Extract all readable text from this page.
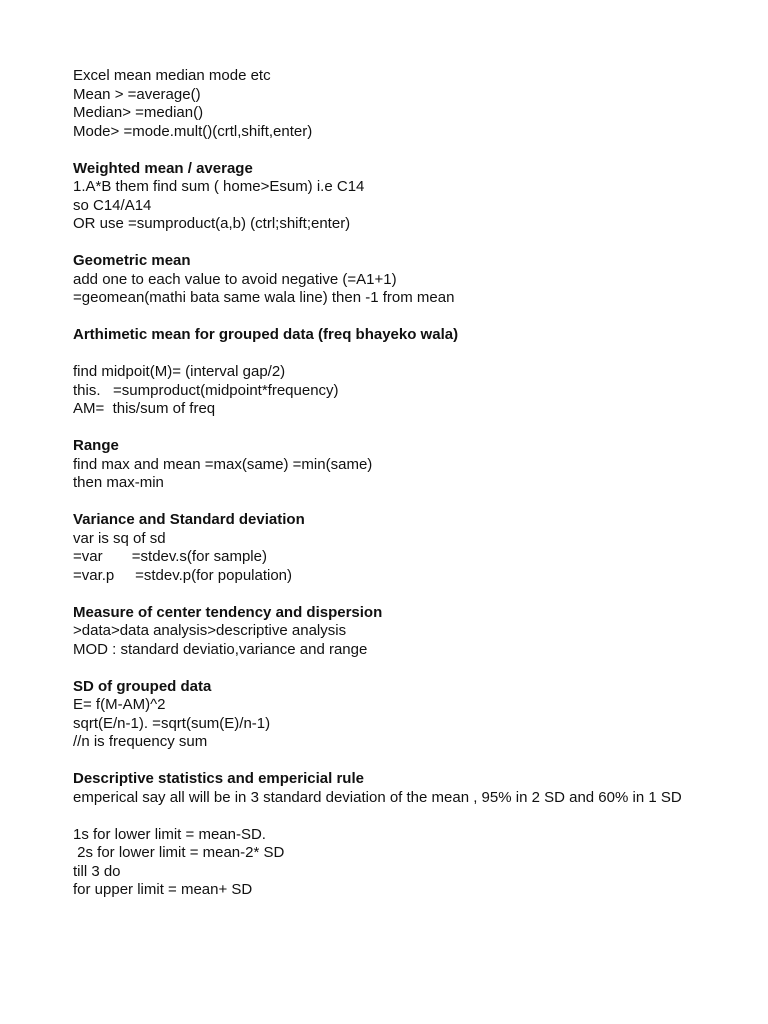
Excel mean median mode etc
Mean > =average()
Median> =median()
Mode> =mode.mult()(crtl,shift,enter)
Weighted mean / average
1.A*B them find sum ( home>Esum) i.e C14
so C14/A14
OR use =sumproduct(a,b) (ctrl;shift;enter)
Geometric mean
add one to each value to avoid negative (=A1+1)
=geomean(mathi bata same wala line) then -1 from mean
Arthimetic mean for grouped data (freq bhayeko wala)
find midpoit(M)= (interval gap/2)
this.   =sumproduct(midpoint*frequency)
AM=  this/sum of freq
Range
find max and mean =max(same) =min(same)
then max-min
Variance and Standard deviation
var is sq of sd
=var       =stdev.s(for sample)
=var.p     =stdev.p(for population)
Measure of center tendency and dispersion
>data>data analysis>descriptive analysis
MOD : standard deviatio,variance and range
SD of grouped data
E= f(M-AM)^2
sqrt(E/n-1). =sqrt(sum(E)/n-1)
//n is frequency sum
Descriptive statistics and empericial rule
emperical say all will be in 3 standard deviation of the mean , 95% in 2 SD and 60% in 1 SD
1s for lower limit = mean-SD.
2s for lower limit = mean-2* SD
till 3 do
for upper limit = mean+ SD
